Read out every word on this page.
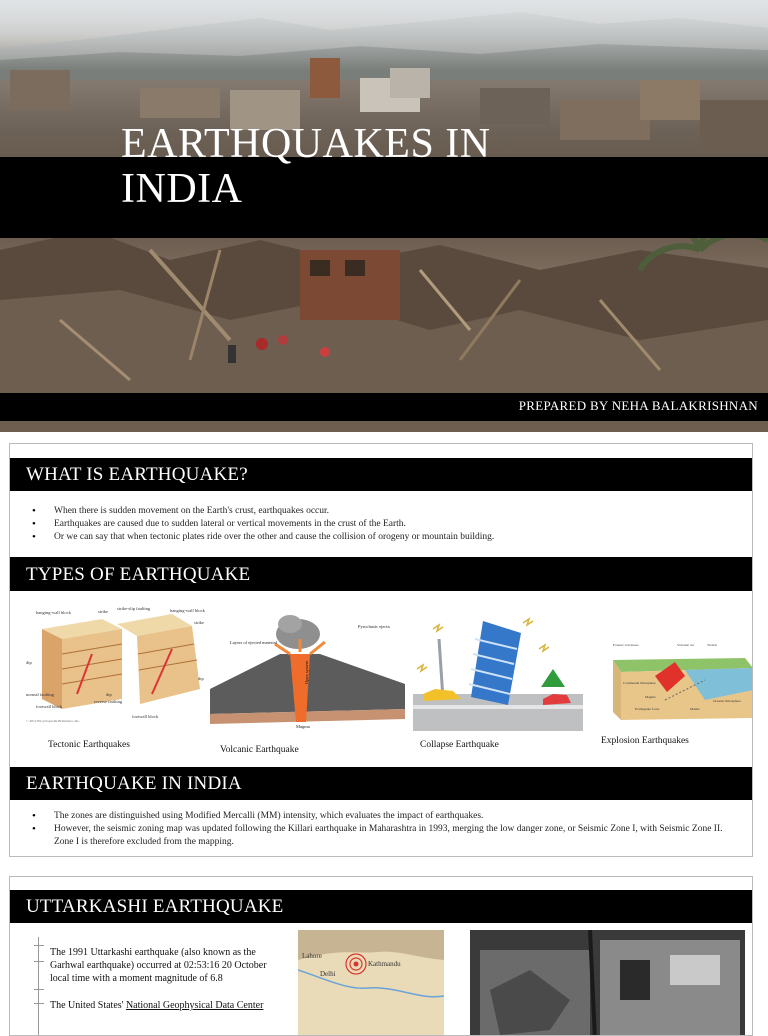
EARTHQUAKES IN INDIA
PREPARED BY NEHA BALAKRISHNAN
WHAT IS EARTHQUAKE?
• When there is sudden movement on the Earth's crust, earthquakes occur.
• Earthquakes are caused due to sudden lateral or vertical movements in the crust of the Earth.
• Or we can say that when tectonic plates ride over the other and cause the collision of orogeny or mountain building.
TYPES OF EARTHQUAKE
hanging-wall block	strike
strike-slip faulting	hanging-wall block
strike
dip
dip
normal faulting	dip
reverse faulting
footwall block
footwall block
© 2012 Encyclopædia Britannica, Inc.
Tectonic Earthquakes
Layers of ejected material
Pyroclastic ejecta
Open system
Magma
Volcanic Earthquake	Collapse Earthquake
Forearc volcanoes	Volcanic arc	Trench
Oceanic lithosphere
Magma
Mantle
Continental lithosphere
Earthquake focus
Explosion Earthquakes
EARTHQUAKE IN INDIA
• The zones are distinguished using Modified Mercalli (MM) intensity, which evaluates the impact of earthquakes.
• However, the seismic zoning map was updated following the Killari earthquake in Maharashtra in 1993, merging the low danger zone, or Seismic Zone I, with Seismic Zone II. Zone I is therefore excluded from the mapping.
UTTARKASHI EARTHQUAKE

The 1991 Uttarkashi earthquake (also known as the Garhwal earthquake) occurred at 02:53:16 20 October local time with a moment magnitude of 6.8

The United States' National Geophysical Data Center

Lahore
Delhi
Kathmandu
